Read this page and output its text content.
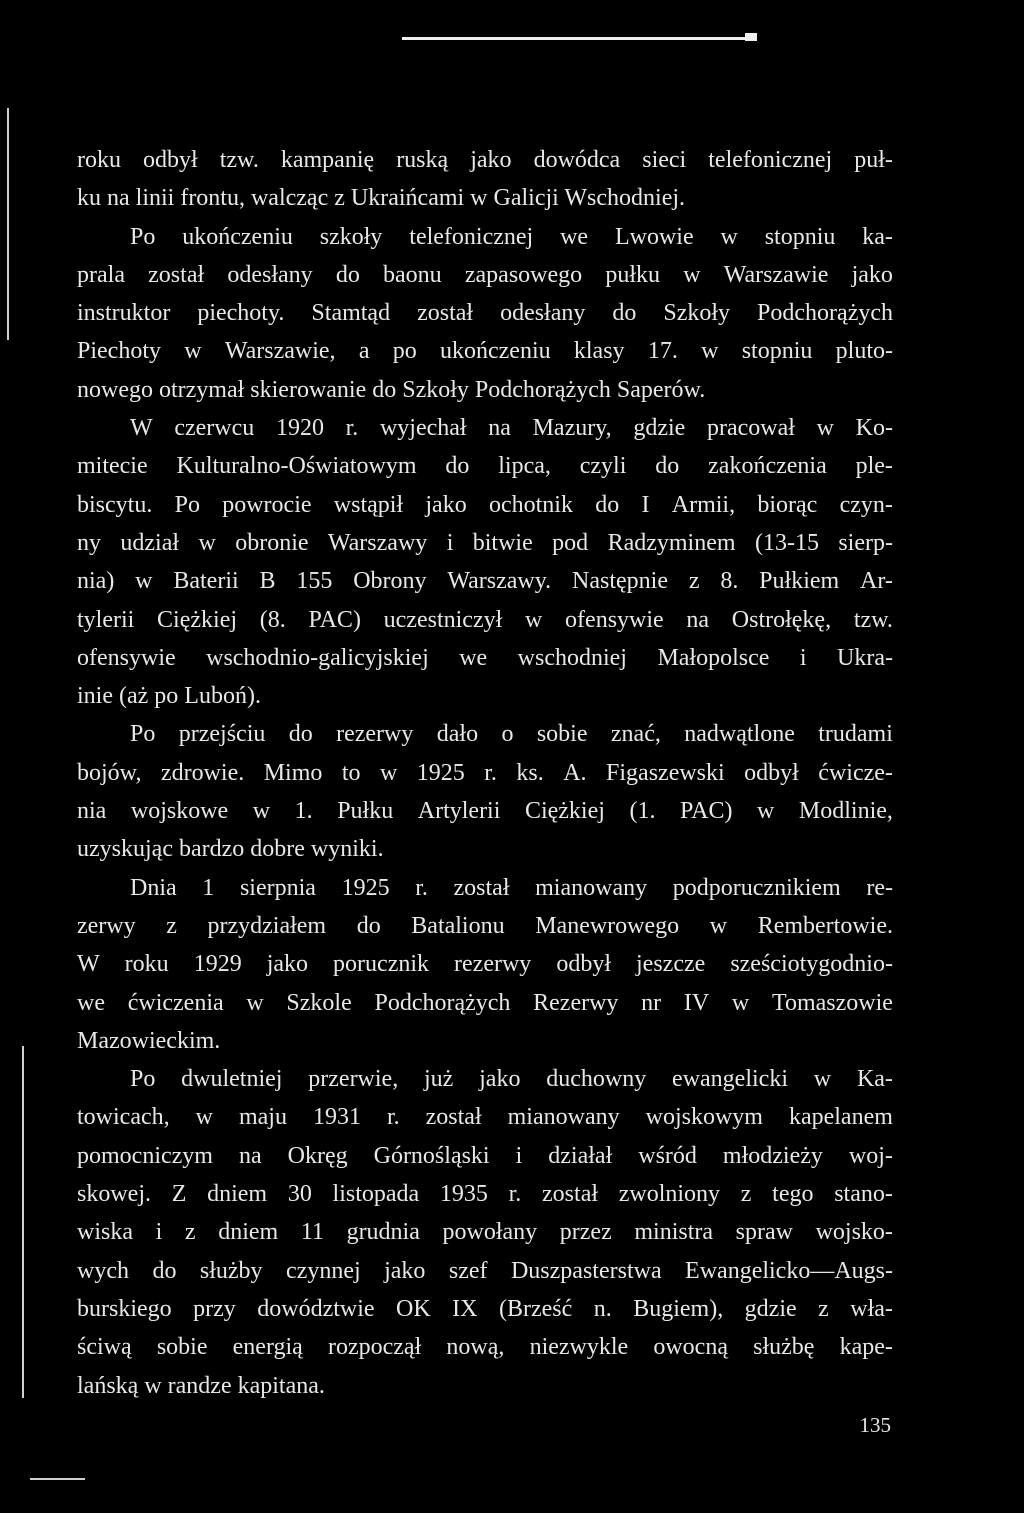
roku odbył tzw. kampanię ruską jako dowódca sieci telefonicznej puł-
ku na linii frontu, walcząc z Ukraińcami w Galicji Wschodniej.
Po ukończeniu szkoły telefonicznej we Lwowie w stopniu ka-
prala został odesłany do baonu zapasowego pułku w Warszawie jako
instruktor piechoty. Stamtąd został odesłany do Szkoły Podchorążych
Piechoty w Warszawie, a po ukończeniu klasy 17. w stopniu pluto-
nowego otrzymał skierowanie do Szkoły Podchorążych Saperów.
W czerwcu 1920 r. wyjechał na Mazury, gdzie pracował w Ko-
mitecie Kulturalno-Oświatowym do lipca, czyli do zakończenia ple-
biscytu. Po powrocie wstąpił jako ochotnik do I Armii, biorąc czyn-
ny udział w obronie Warszawy i bitwie pod Radzyminem (13-15 sierp-
nia) w Baterii B 155 Obrony Warszawy. Następnie z 8. Pułkiem Ar-
tylerii Ciężkiej (8. PAC) uczestniczył w ofensywie na Ostrołękę, tzw.
ofensywie wschodnio-galicyjskiej we wschodniej Małopolsce i Ukra-
inie (aż po Luboń).
Po przejściu do rezerwy dało o sobie znać, nadwątlone trudami
bojów, zdrowie. Mimo to w 1925 r. ks. A. Figaszewski odbył ćwicze-
nia wojskowe w 1. Pułku Artylerii Ciężkiej (1. PAC) w Modlinie,
uzyskując bardzo dobre wyniki.
Dnia 1 sierpnia 1925 r. został mianowany podporucznikiem re-
zerwy z przydziałem do Batalionu Manewrowego w Rembertowie.
W roku 1929 jako porucznik rezerwy odbył jeszcze sześciotygodnio-
we ćwiczenia w Szkole Podchorążych Rezerwy nr IV w Tomaszowie
Mazowieckim.
Po dwuletniej przerwie, już jako duchowny ewangelicki w Ka-
towicach, w maju 1931 r. został mianowany wojskowym kapelanem
pomocniczym na Okręg Górnośląski i działał wśród młodzieży woj-
skowej. Z dniem 30 listopada 1935 r. został zwolniony z tego stano-
wiska i z dniem 11 grudnia powołany przez ministra spraw wojsko-
wych do służby czynnej jako szef Duszpasterstwa Ewangelicko—Augs-
burskiego przy dowództwie OK IX (Brześć n. Bugiem), gdzie z wła-
ściwą sobie energią rozpoczął nową, niezwykle owocną służbę kape-
lańską w randze kapitana.
135
